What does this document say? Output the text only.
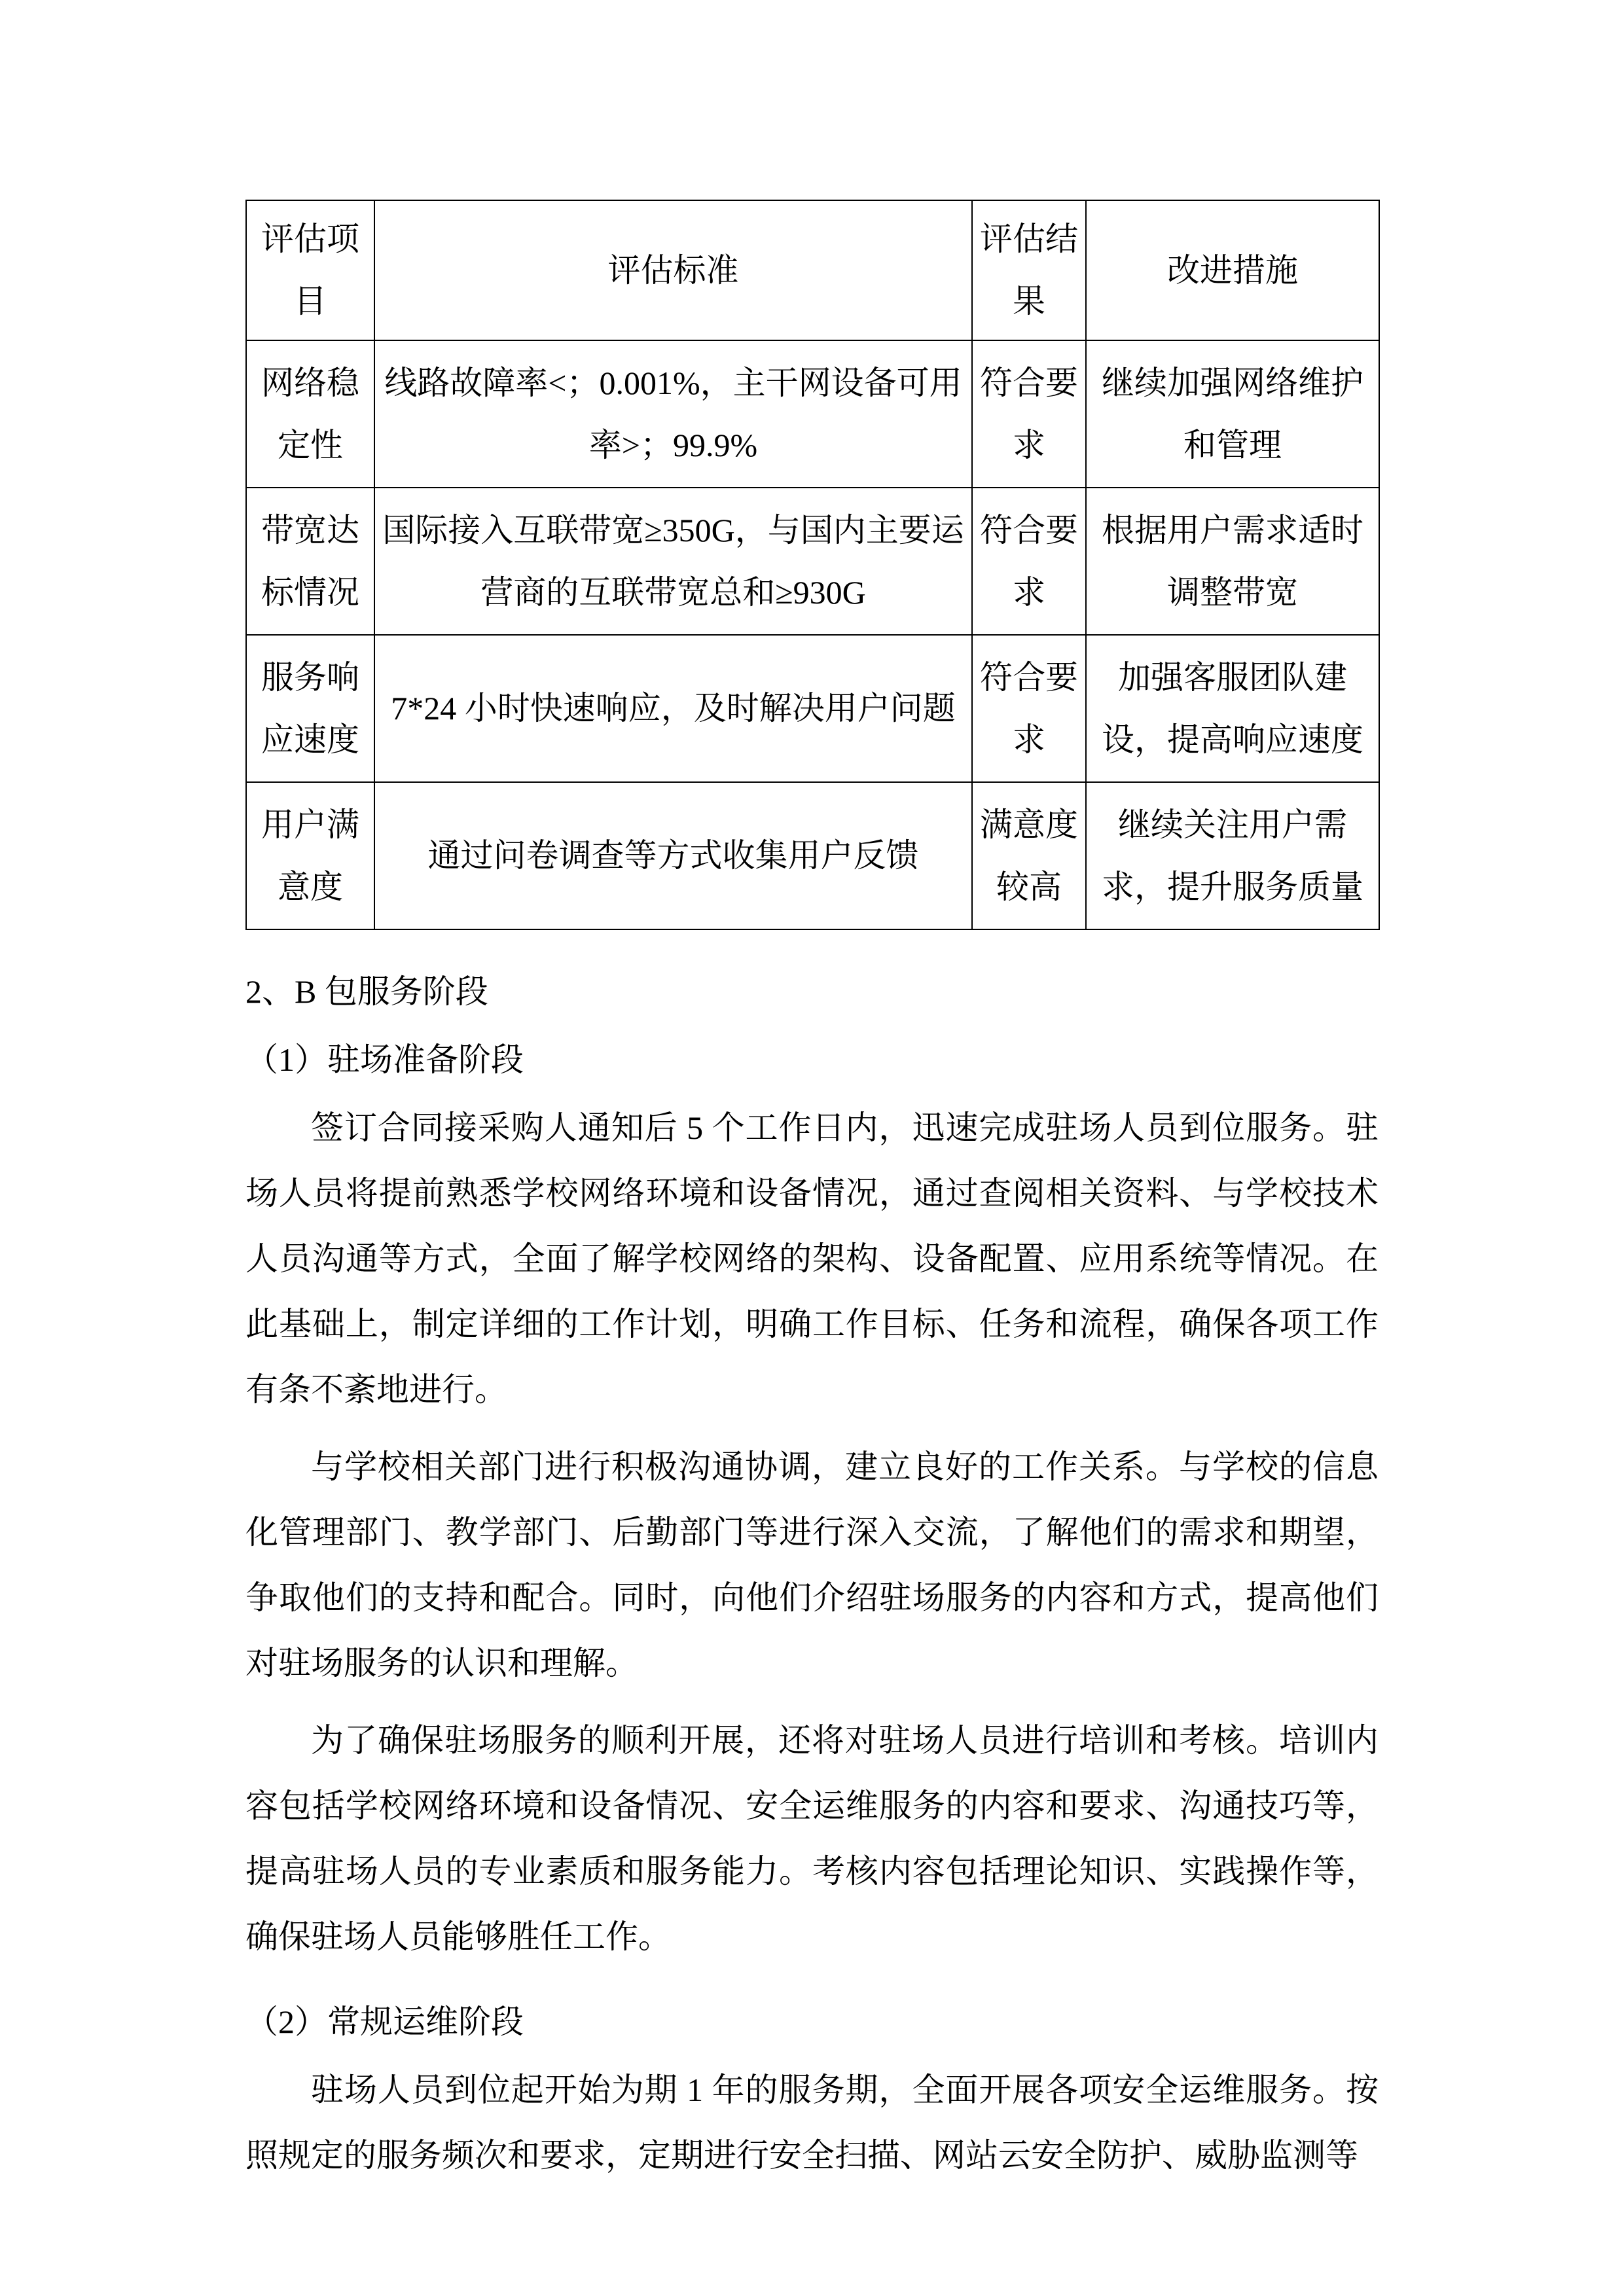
评估项目	评估标准	评估结果	改进措施
网络稳定性	线路故障率<；0.001%，主干网设备可用率>；99.9%	符合要求	继续加强网络维护和管理
带宽达标情况	国际接入互联带宽≥350G，与国内主要运营商的互联带宽总和≥930G	符合要求	根据用户需求适时调整带宽
服务响应速度	7*24 小时快速响应，及时解决用户问题	符合要求	加强客服团队建设，提高响应速度
用户满意度	通过问卷调查等方式收集用户反馈	满意度较高	继续关注用户需求，提升服务质量

2、B 包服务阶段

（1）驻场准备阶段

签订合同接采购人通知后 5 个工作日内，迅速完成驻场人员到位服务。驻场人员将提前熟悉学校网络环境和设备情况，通过查阅相关资料、与学校技术人员沟通等方式，全面了解学校网络的架构、设备配置、应用系统等情况。在此基础上，制定详细的工作计划，明确工作目标、任务和流程，确保各项工作有条不紊地进行。

与学校相关部门进行积极沟通协调，建立良好的工作关系。与学校的信息化管理部门、教学部门、后勤部门等进行深入交流，了解他们的需求和期望，争取他们的支持和配合。同时，向他们介绍驻场服务的内容和方式，提高他们对驻场服务的认识和理解。

为了确保驻场服务的顺利开展，还将对驻场人员进行培训和考核。培训内容包括学校网络环境和设备情况、安全运维服务的内容和要求、沟通技巧等，提高驻场人员的专业素质和服务能力。考核内容包括理论知识、实践操作等，确保驻场人员能够胜任工作。

（2）常规运维阶段

驻场人员到位起开始为期 1 年的服务期，全面开展各项安全运维服务。按照规定的服务频次和要求，定期进行安全扫描、网站云安全防护、威胁监测等
